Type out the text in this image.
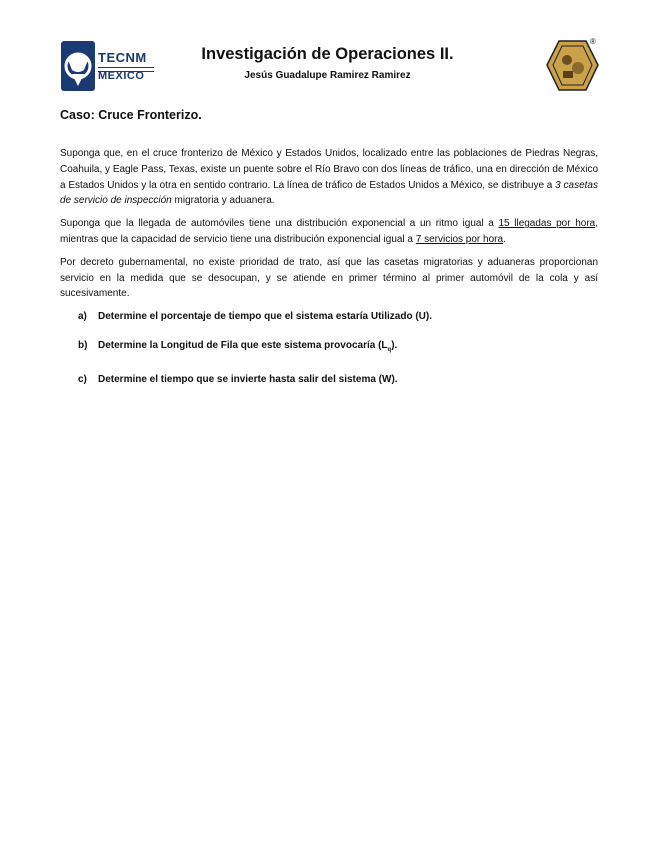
TECNM
MEXICO
Investigación de Operaciones II.
Jesús Guadalupe Ramirez Ramirez
®
Caso: Cruce Fronterizo.

Suponga que, en el cruce fronterizo de México y Estados Unidos, localizado entre las poblaciones de Piedras Negras, Coahuila, y Eagle Pass, Texas, existe un puente sobre el Río Bravo con dos líneas de tráfico, una en dirección de México a Estados Unidos y la otra en sentido contrario. La línea de tráfico de Estados Unidos a México, se distribuye a 3 casetas de servicio de inspección migratoria y aduanera.

Suponga que la llegada de automóviles tiene una distribución exponencial a un ritmo igual a 15 llegadas por hora, mientras que la capacidad de servicio tiene una distribución exponencial igual a 7 servicios por hora.

Por decreto gubernamental, no existe prioridad de trato, así que las casetas migratorias y aduaneras proporcionan servicio en la medida que se desocupan, y se atiende en primer término al primer automóvil de la cola y así sucesivamente.

a) Determine el porcentaje de tiempo que el sistema estaría Utilizado (U).
b) Determine la Longitud de Fila que este sistema provocaría $(L_q)$.
c) Determine el tiempo que se invierte hasta salir del sistema (W).
